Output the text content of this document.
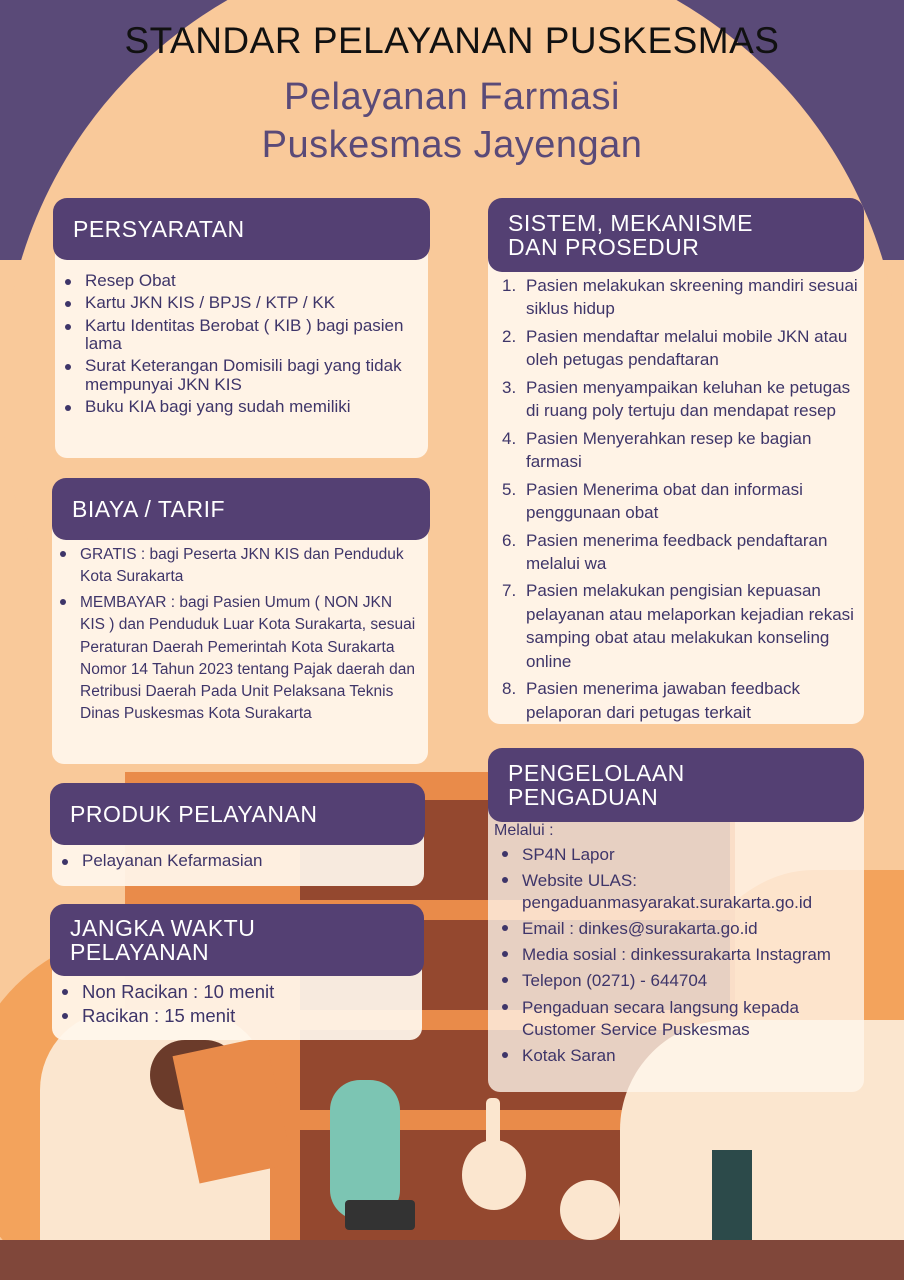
STANDAR PELAYANAN PUSKESMAS
Pelayanan Farmasi
Puskesmas Jayengan
Resep Obat
Kartu JKN KIS / BPJS / KTP / KK
Kartu Identitas Berobat ( KIB ) bagi pasien lama
Surat Keterangan Domisili bagi yang tidak mempunyai JKN KIS
Buku KIA bagi yang sudah memiliki
PERSYARATAN
GRATIS : bagi Peserta JKN KIS dan Penduduk Kota Surakarta
MEMBAYAR : bagi Pasien Umum ( NON JKN KIS ) dan Penduduk Luar Kota Surakarta, sesuai Peraturan Daerah Pemerintah Kota Surakarta Nomor 14 Tahun 2023 tentang Pajak daerah dan Retribusi Daerah Pada Unit Pelaksana Teknis Dinas Puskesmas Kota Surakarta
BIAYA / TARIF
Pelayanan Kefarmasian
PRODUK PELAYANAN
Non Racikan : 10 menit
Racikan : 15 menit
JANGKA WAKTU
PELAYANAN
1. Pasien melakukan skreening mandiri sesuai siklus hidup
2. Pasien mendaftar melalui mobile JKN atau oleh petugas pendaftaran
3. Pasien menyampaikan keluhan ke petugas di ruang poly tertuju dan mendapat resep
4. Pasien Menyerahkan resep ke bagian farmasi
5. Pasien Menerima obat dan informasi penggunaan obat
6. Pasien menerima feedback pendaftaran melalui wa
7. Pasien melakukan pengisian kepuasan pelayanan atau melaporkan kejadian rekasi samping obat atau melakukan konseling online
8. Pasien menerima jawaban feedback pelaporan dari petugas terkait
SISTEM, MEKANISME
DAN PROSEDUR
Melalui :
SP4N Lapor
Website ULAS: pengaduanmasyarakat.surakarta.go.id
Email : dinkes@surakarta.go.id
Media sosial : dinkessurakarta Instagram
Telepon (0271) - 644704
Pengaduan secara langsung kepada Customer Service Puskesmas
Kotak Saran
PENGELOLAAN
PENGADUAN
